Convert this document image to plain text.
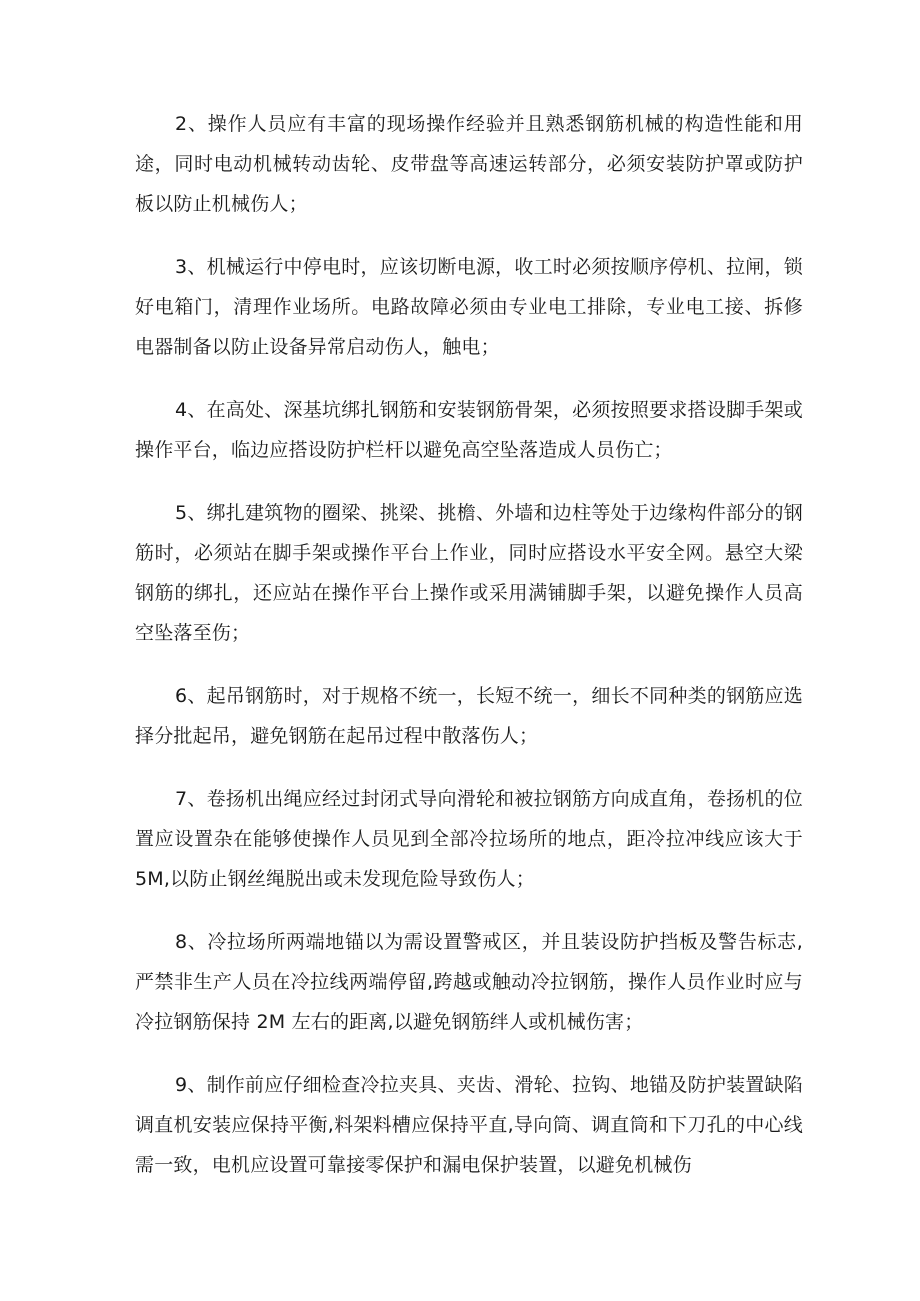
2、操作人员应有丰富的现场操作经验并且熟悉钢筋机械的构造性能和用途，同时电动机械转动齿轮、皮带盘等高速运转部分，必须安装防护罩或防护板以防止机械伤人；

3、机械运行中停电时，应该切断电源，收工时必须按顺序停机、拉闸，锁好电箱门，清理作业场所。电路故障必须由专业电工排除，专业电工接、拆修电器制备以防止设备异常启动伤人，触电；

4、在高处、深基坑绑扎钢筋和安装钢筋骨架，必须按照要求搭设脚手架或操作平台，临边应搭设防护栏杆以避免高空坠落造成人员伤亡；

5、绑扎建筑物的圈梁、挑梁、挑檐、外墙和边柱等处于边缘构件部分的钢筋时，必须站在脚手架或操作平台上作业，同时应搭设水平安全网。悬空大梁钢筋的绑扎，还应站在操作平台上操作或采用满铺脚手架，以避免操作人员高空坠落至伤；

6、起吊钢筋时，对于规格不统一，长短不统一，细长不同种类的钢筋应选择分批起吊，避免钢筋在起吊过程中散落伤人；

7、卷扬机出绳应经过封闭式导向滑轮和被拉钢筋方向成直角，卷扬机的位置应设置杂在能够使操作人员见到全部冷拉场所的地点，距冷拉冲线应该大于 5M,以防止钢丝绳脱出或未发现危险导致伤人；

8、冷拉场所两端地锚以为需设置警戒区，并且装设防护挡板及警告标志,严禁非生产人员在冷拉线两端停留,跨越或触动冷拉钢筋，操作人员作业时应与冷拉钢筋保持 2M 左右的距离,以避免钢筋绊人或机械伤害；

9、制作前应仔细检查冷拉夹具、夹齿、滑轮、拉钩、地锚及防护装置缺陷调直机安装应保持平衡,料架料槽应保持平直,导向筒、调直筒和下刀孔的中心线需一致，电机应设置可靠接零保护和漏电保护装置，以避免机械伤
